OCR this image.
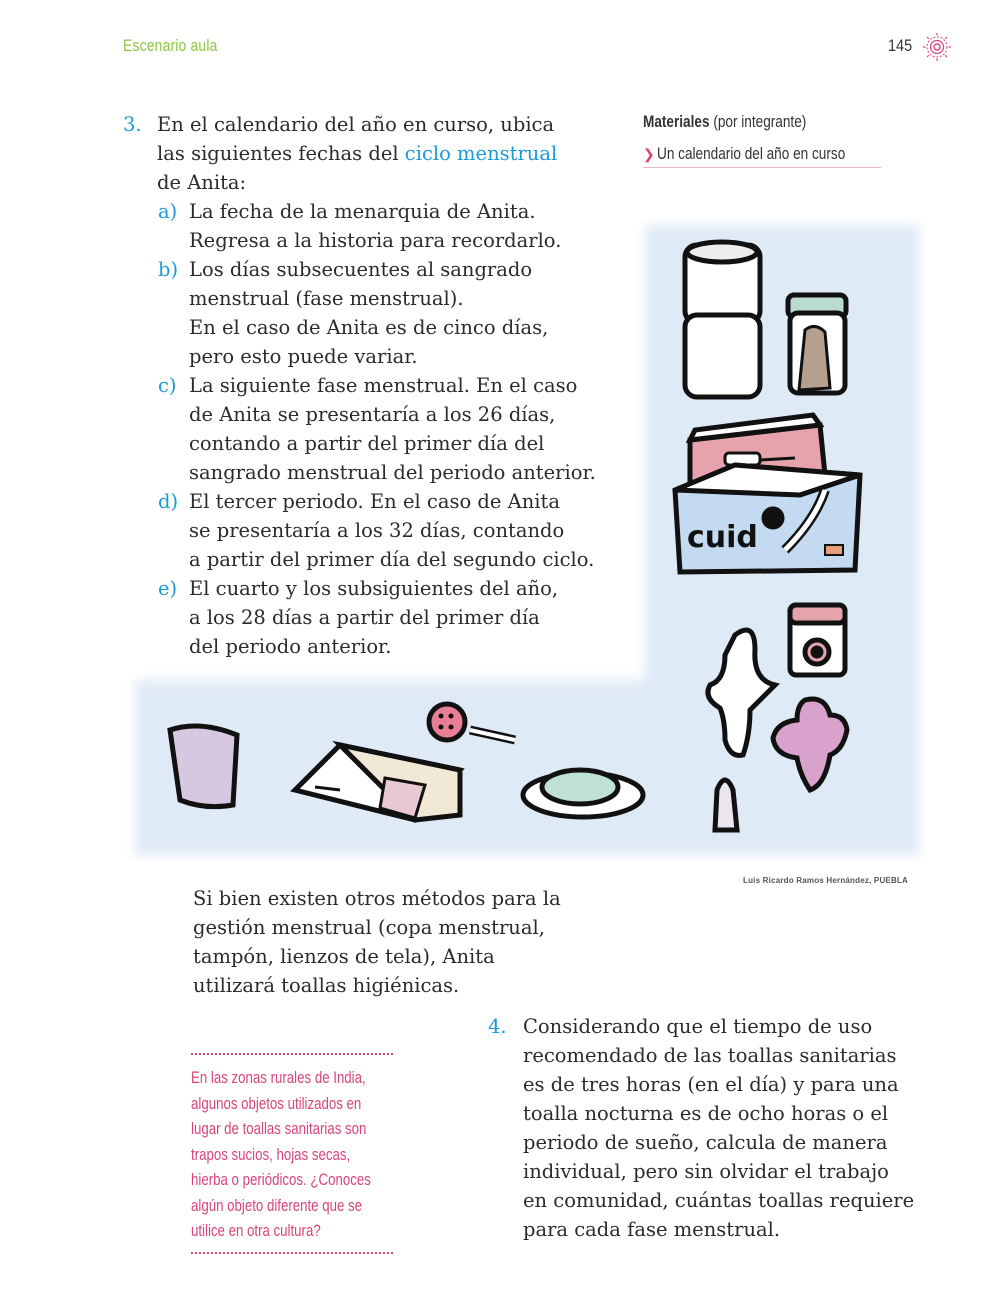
Escenario aula	145
cuid
3. En el calendario del año en curso, ubica
las siguientes fechas del ciclo menstrual
de Anita:
a) La fecha de la menarquia de Anita.
Regresa a la historia para recordarlo.
b) Los días subsecuentes al sangrado
menstrual (fase menstrual).
En el caso de Anita es de cinco días,
pero esto puede variar.
c) La siguiente fase menstrual. En el caso
de Anita se presentaría a los 26 días,
contando a partir del primer día del
sangrado menstrual del periodo anterior.
d) El tercer periodo. En el caso de Anita
se presentaría a los 32 días, contando
a partir del primer día del segundo ciclo.
e) El cuarto y los subsiguientes del año,
a los 28 días a partir del primer día
del periodo anterior.
Materiales (por integrante)
❯ Un calendario del año en curso
Luis Ricardo Ramos Hernández, PUEBLA
Si bien existen otros métodos para la
gestión menstrual (copa menstrual,
tampón, lienzos de tela), Anita
utilizará toallas higiénicas.
En las zonas rurales de India,
algunos objetos utilizados en
lugar de toallas sanitarias son
trapos sucios, hojas secas,
hierba o periódicos. ¿Conoces
algún objeto diferente que se
utilice en otra cultura?
4. Considerando que el tiempo de uso
recomendado de las toallas sanitarias
es de tres horas (en el día) y para una
toalla nocturna es de ocho horas o el
periodo de sueño, calcula de manera
individual, pero sin olvidar el trabajo
en comunidad, cuántas toallas requiere
para cada fase menstrual.
